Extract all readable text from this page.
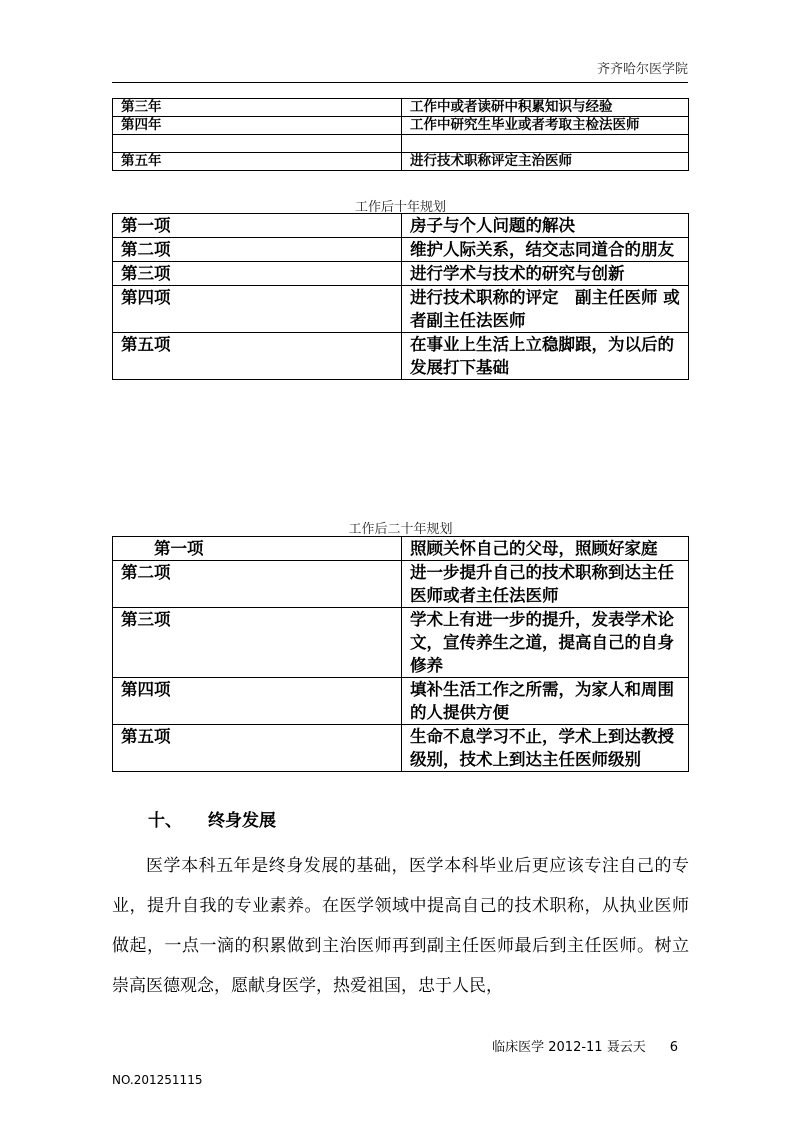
齐齐哈尔医学院
第三年	工作中或者读研中积累知识与经验
第四年	工作中研究生毕业或者考取主检法医师

第五年	进行技术职称评定主治医师
工作后十年规划
第一项	房子与个人问题的解决
第二项	维护人际关系，结交志同道合的朋友
第三项	进行学术与技术的研究与创新
第四项	进行技术职称的评定　副主任医师 或者副主任法医师
第五项	在事业上生活上立稳脚跟，为以后的发展打下基础
工作后二十年规划
　　第一项	照顾关怀自己的父母，照顾好家庭
第二项	进一步提升自己的技术职称到达主任医师或者主任法医师
第三项	学术上有进一步的提升，发表学术论文，宣传养生之道，提高自己的自身修养
第四项	填补生活工作之所需，为家人和周围的人提供方便
第五项	生命不息学习不止，学术上到达教授级别，技术上到达主任医师级别
十、 终身发展

医学本科五年是终身发展的基础，医学本科毕业后更应该专注自己的专业，提升自我的专业素养。在医学领域中提高自己的技术职称，从执业医师做起，一点一滴的积累做到主治医师再到副主任医师最后到主任医师。树立崇高医德观念，愿献身医学，热爱祖国，忠于人民，

临床医学 2012-11 聂云天 6
NO.201251115
